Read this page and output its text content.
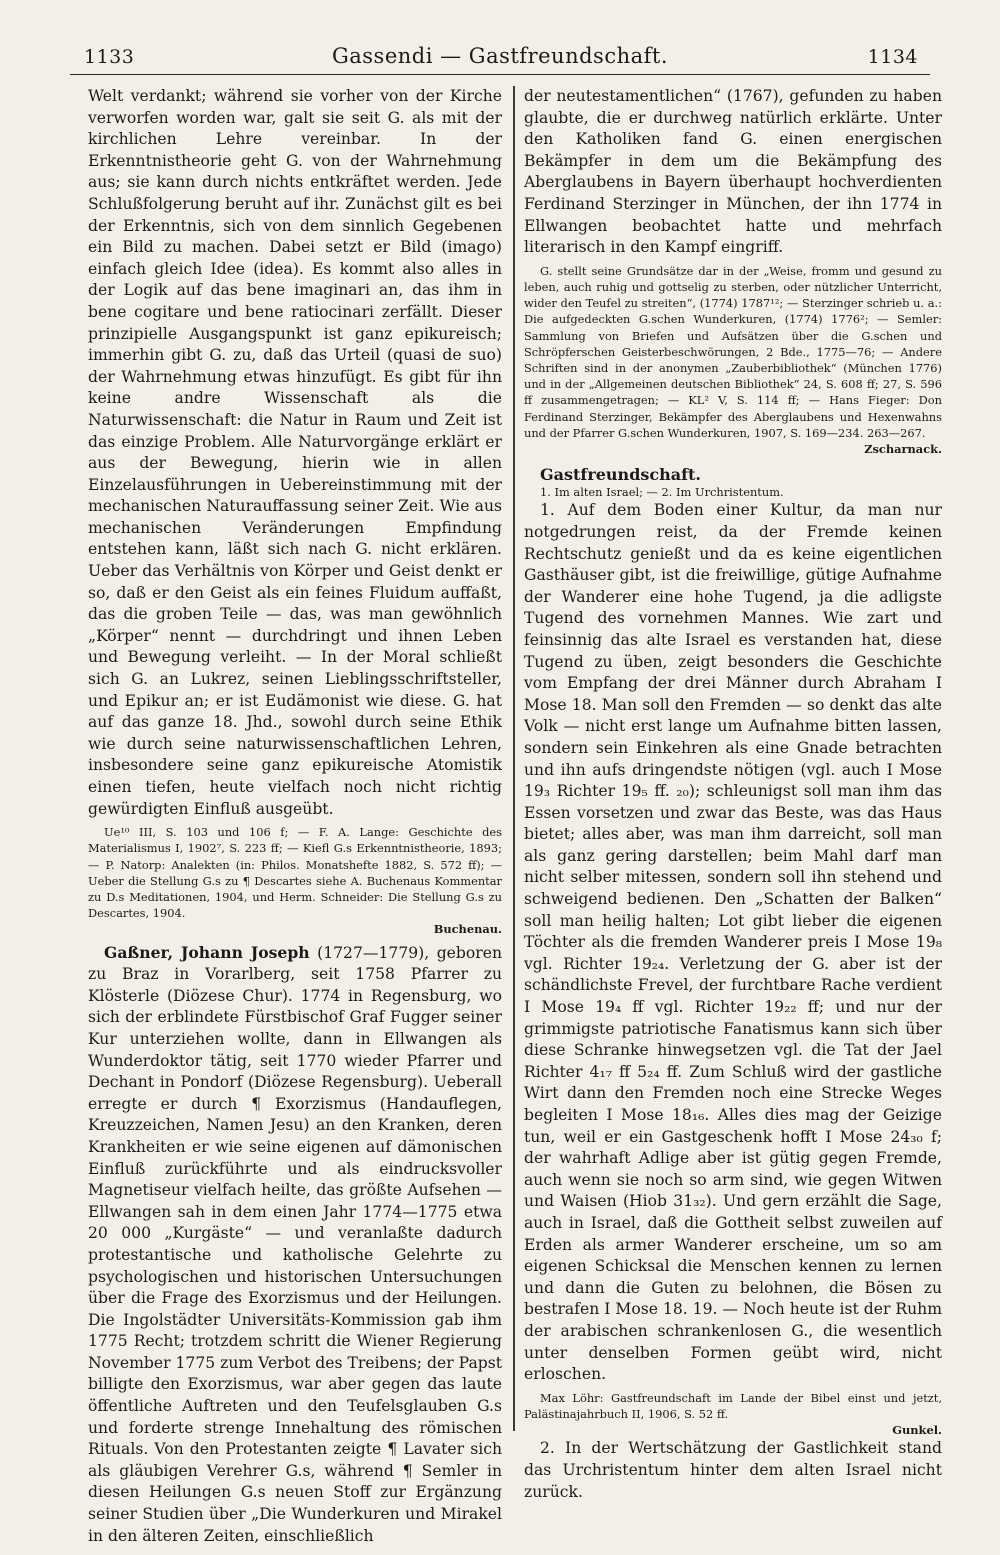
1133	Gassendi — Gastfreundschaft.	1134

Welt verdankt; während sie vorher von der Kirche verworfen worden war, galt sie seit G. als mit der kirchlichen Lehre vereinbar. In der Erkenntnistheorie geht G. von der Wahrnehmung aus; sie kann durch nichts entkräftet werden. Jede Schlußfolgerung beruht auf ihr. Zunächst gilt es bei der Erkenntnis, sich von dem sinnlich Gegebenen ein Bild zu machen. Dabei setzt er Bild (imago) einfach gleich Idee (idea). Es kommt also alles in der Logik auf das bene imaginari an, das ihm in bene cogitare und bene ratiocinari zerfällt. Dieser prinzipielle Ausgangspunkt ist ganz epikureisch; immerhin gibt G. zu, daß das Urteil (quasi de suo) der Wahrnehmung etwas hinzufügt. Es gibt für ihn keine andre Wissenschaft als die Naturwissenschaft: die Natur in Raum und Zeit ist das einzige Problem. Alle Naturvorgänge erklärt er aus der Bewegung, hierin wie in allen Einzelausführungen in Uebereinstimmung mit der mechanischen Naturauffassung seiner Zeit. Wie aus mechanischen Veränderungen Empfindung entstehen kann, läßt sich nach G. nicht erklären. Ueber das Verhältnis von Körper und Geist denkt er so, daß er den Geist als ein feines Fluidum auffaßt, das die groben Teile — das, was man gewöhnlich „Körper“ nennt — durchdringt und ihnen Leben und Bewegung verleiht. — In der Moral schließt sich G. an Lukrez, seinen Lieblingsschriftsteller, und Epikur an; er ist Eudämonist wie diese. G. hat auf das ganze 18. Jhd., sowohl durch seine Ethik wie durch seine naturwissenschaftlichen Lehren, insbesondere seine ganz epikureische Atomistik einen tiefen, heute vielfach noch nicht richtig gewürdigten Einfluß ausgeübt.

Ue¹⁰ III, S. 103 und 106 f; — F. A. Lange: Geschichte des Materialismus I, 1902⁷, S. 223 ff; — Kiefl G.s Erkenntnistheorie, 1893; — P. Natorp: Analekten (in: Philos. Monatshefte 1882, S. 572 ff); — Ueber die Stellung G.s zu ¶ Descartes siehe A. Buchenaus Kommentar zu D.s Meditationen, 1904, und Herm. Schneider: Die Stellung G.s zu Descartes, 1904.

Buchenau.

Gaßner, Johann Joseph (1727—1779), geboren zu Braz in Vorarlberg, seit 1758 Pfarrer zu Klösterle (Diözese Chur). 1774 in Regensburg, wo sich der erblindete Fürstbischof Graf Fugger seiner Kur unterziehen wollte, dann in Ellwangen als Wunderdoktor tätig, seit 1770 wieder Pfarrer und Dechant in Pondorf (Diözese Regensburg). Ueberall erregte er durch ¶ Exorzismus (Handauflegen, Kreuzzeichen, Namen Jesu) an den Kranken, deren Krankheiten er wie seine eigenen auf dämonischen Einfluß zurückführte und als eindrucksvoller Magnetiseur vielfach heilte, das größte Aufsehen — Ellwangen sah in dem einen Jahr 1774—1775 etwa 20 000 „Kurgäste“ — und veranlaßte dadurch protestantische und katholische Gelehrte zu psychologischen und historischen Untersuchungen über die Frage des Exorzismus und der Heilungen. Die Ingolstädter Universitäts-Kommission gab ihm 1775 Recht; trotzdem schritt die Wiener Regierung November 1775 zum Verbot des Treibens; der Papst billigte den Exorzismus, war aber gegen das laute öffentliche Auftreten und den Teufelsglauben G.s und forderte strenge Innehaltung des römischen Rituals. Von den Protestanten zeigte ¶ Lavater sich als gläubigen Verehrer G.s, während ¶ Semler in diesen Heilungen G.s neuen Stoff zur Ergänzung seiner Studien über „Die Wunderkuren und Mirakel in den älteren Zeiten, einschließlich

der neutestamentlichen“ (1767), gefunden zu haben glaubte, die er durchweg natürlich erklärte. Unter den Katholiken fand G. einen energischen Bekämpfer in dem um die Bekämpfung des Aberglaubens in Bayern überhaupt hochverdienten Ferdinand Sterzinger in München, der ihn 1774 in Ellwangen beobachtet hatte und mehrfach literarisch in den Kampf eingriff.

G. stellt seine Grundsätze dar in der „Weise, fromm und gesund zu leben, auch ruhig und gottselig zu sterben, oder nützlicher Unterricht, wider den Teufel zu streiten“, (1774) 1787¹²; — Sterzinger schrieb u. a.: Die aufgedeckten G.schen Wunderkuren, (1774) 1776²; — Semler: Sammlung von Briefen und Aufsätzen über die G.schen und Schröpferschen Geisterbeschwörungen, 2 Bde., 1775—76; — Andere Schriften sind in der anonymen „Zauberbibliothek“ (München 1776) und in der „Allgemeinen deutschen Bibliothek“ 24, S. 608 ff; 27, S. 596 ff zusammengetragen; — KL² V, S. 114 ff; — Hans Fieger: Don Ferdinand Sterzinger, Bekämpfer des Aberglaubens und Hexenwahns und der Pfarrer G.schen Wunderkuren, 1907, S. 169—234. 263—267.

Zscharnack.

Gastfreundschaft.

1. Im alten Israel; — 2. Im Urchristentum.

1. Auf dem Boden einer Kultur, da man nur notgedrungen reist, da der Fremde keinen Rechtschutz genießt und da es keine eigentlichen Gasthäuser gibt, ist die freiwillige, gütige Aufnahme der Wanderer eine hohe Tugend, ja die adligste Tugend des vornehmen Mannes. Wie zart und feinsinnig das alte Israel es verstanden hat, diese Tugend zu üben, zeigt besonders die Geschichte vom Empfang der drei Männer durch Abraham I Mose 18. Man soll den Fremden — so denkt das alte Volk — nicht erst lange um Aufnahme bitten lassen, sondern sein Einkehren als eine Gnade betrachten und ihn aufs dringendste nötigen (vgl. auch I Mose 19₃ Richter 19₅ ff. ₂₀); schleunigst soll man ihm das Essen vorsetzen und zwar das Beste, was das Haus bietet; alles aber, was man ihm darreicht, soll man als ganz gering darstellen; beim Mahl darf man nicht selber mitessen, sondern soll ihn stehend und schweigend bedienen. Den „Schatten der Balken“ soll man heilig halten; Lot gibt lieber die eigenen Töchter als die fremden Wanderer preis I Mose 19₈ vgl. Richter 19₂₄. Verletzung der G. aber ist der schändlichste Frevel, der furchtbare Rache verdient I Mose 19₄ ff vgl. Richter 19₂₂ ff; und nur der grimmigste patriotische Fanatismus kann sich über diese Schranke hinwegsetzen vgl. die Tat der Jael Richter 4₁₇ ff 5₂₄ ff. Zum Schluß wird der gastliche Wirt dann den Fremden noch eine Strecke Weges begleiten I Mose 18₁₆. Alles dies mag der Geizige tun, weil er ein Gastgeschenk hofft I Mose 24₃₀ f; der wahrhaft Adlige aber ist gütig gegen Fremde, auch wenn sie noch so arm sind, wie gegen Witwen und Waisen (Hiob 31₃₂). Und gern erzählt die Sage, auch in Israel, daß die Gottheit selbst zuweilen auf Erden als armer Wanderer erscheine, um so am eigenen Schicksal die Menschen kennen zu lernen und dann die Guten zu belohnen, die Bösen zu bestrafen I Mose 18. 19. — Noch heute ist der Ruhm der arabischen schrankenlosen G., die wesentlich unter denselben Formen geübt wird, nicht erloschen.

Max Löhr: Gastfreundschaft im Lande der Bibel einst und jetzt, Palästinajahrbuch II, 1906, S. 52 ff.

Gunkel.

2. In der Wertschätzung der Gastlichkeit stand das Urchristentum hinter dem alten Israel nicht zurück.
